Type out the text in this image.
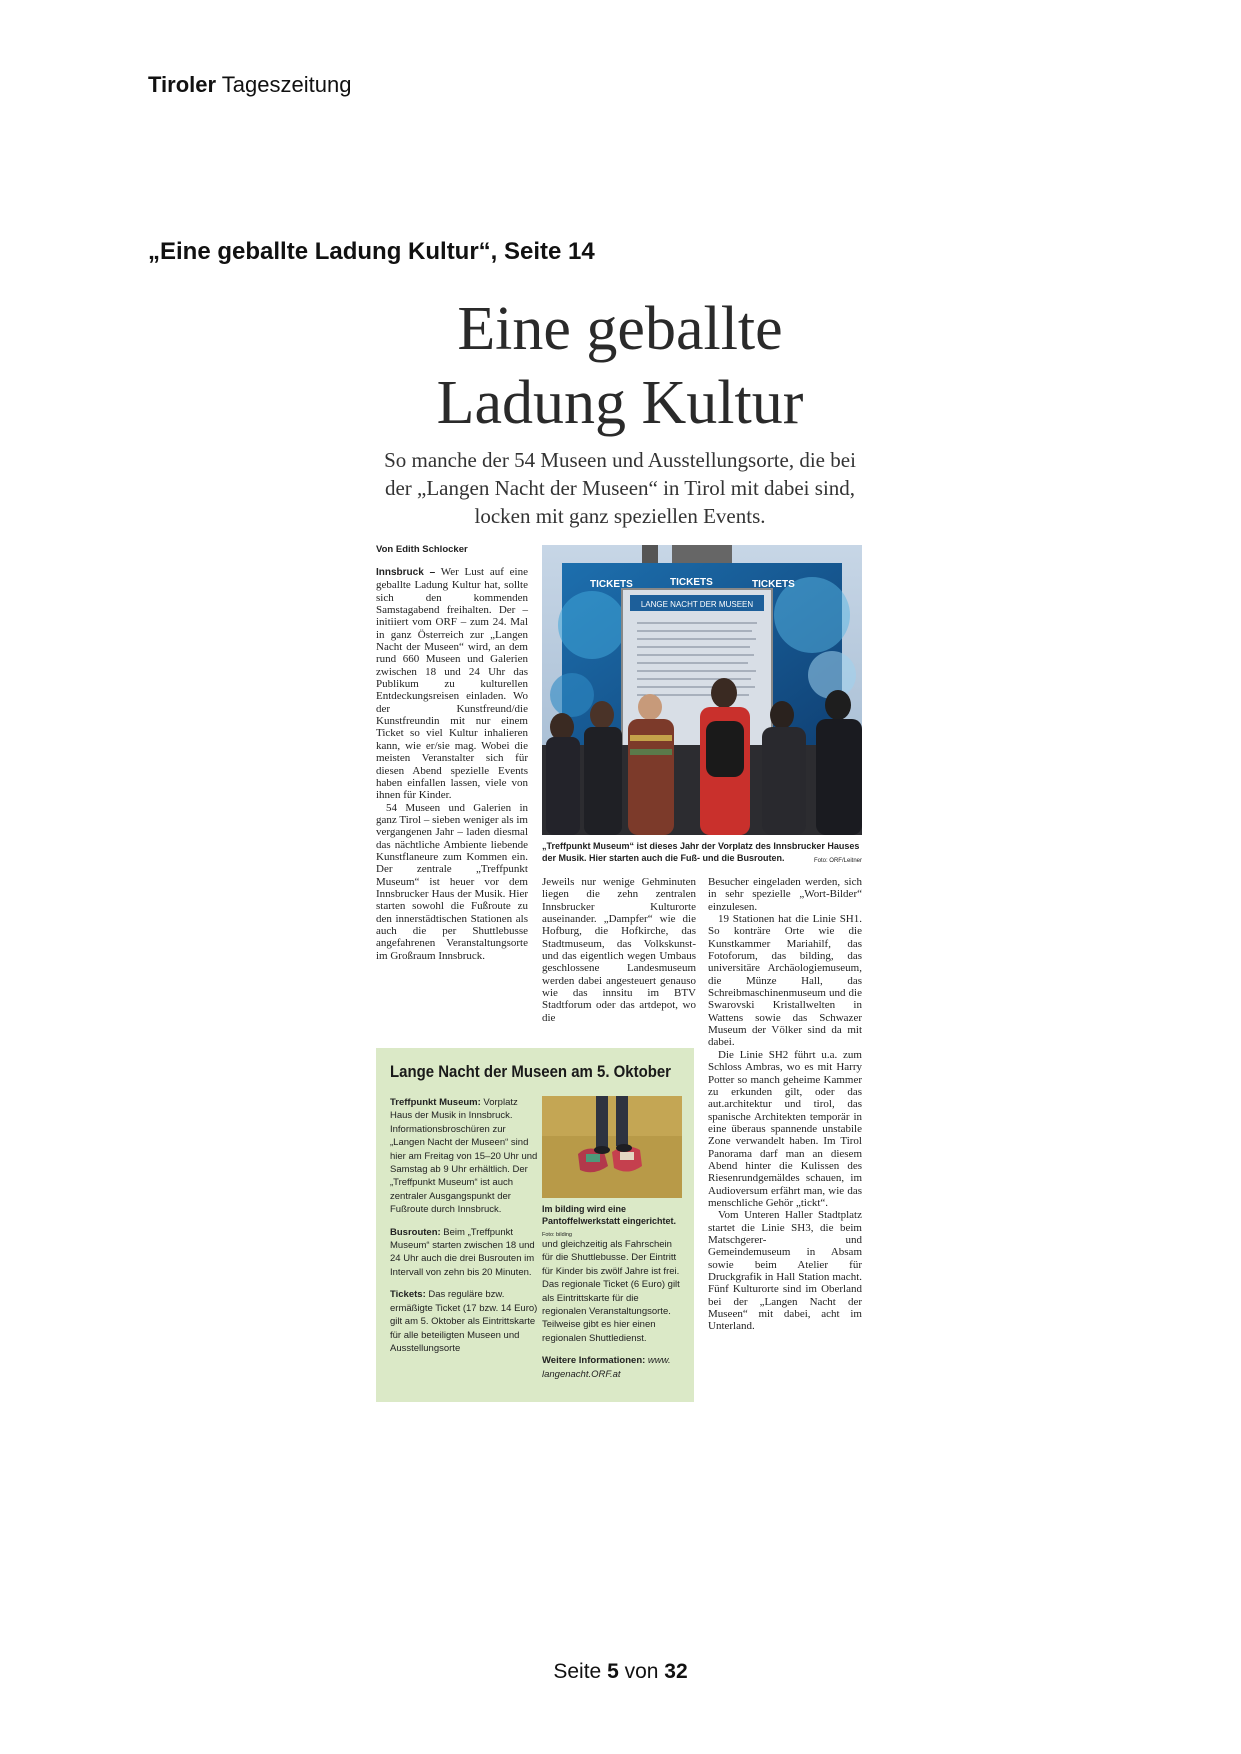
Tiroler Tageszeitung
„Eine geballte Ladung Kultur“, Seite 14
Eine geballte
Ladung Kultur
So manche der 54 Museen und Ausstellungsorte, die bei der „Langen Nacht der Museen“ in Tirol mit dabei sind, locken mit ganz speziellen Events.
Von Edith Schlocker

Innsbruck – Wer Lust auf eine geballte Ladung Kultur hat, sollte sich den kommenden Samstagabend freihalten. Der – initiiert vom ORF – zum 24. Mal in ganz Österreich zur „Langen Nacht der Museen“ wird, an dem rund 660 Museen und Galerien zwischen 18 und 24 Uhr das Publikum zu kulturellen Entdeckungsreisen einladen. Wo der Kunstfreund/die Kunstfreundin mit nur einem Ticket so viel Kultur inhalieren kann, wie er/sie mag. Wobei die meisten Veranstalter sich für diesen Abend spezielle Events haben einfallen lassen, viele von ihnen für Kinder.

54 Museen und Galerien in ganz Tirol – sieben weniger als im vergangenen Jahr – laden diesmal das nächtliche Ambiente liebende Kunstflaneure zum Kommen ein. Der zentrale „Treffpunkt Museum“ ist heuer vor dem Innsbrucker Haus der Musik. Hier starten sowohl die Fußroute zu den innerstädtischen Stationen als auch die per Shuttlebusse angefahrenen Veranstaltungsorte im Großraum Innsbruck.

LANGE NACHT DER MUSEEN
TICKETS	TICKETS	TICKETS
„Treffpunkt Museum“ ist dieses Jahr der Vorplatz des Innsbrucker Hauses der Musik. Hier starten auch die Fuß- und die Busrouten.	Foto: ORF/Leitner

Jeweils nur wenige Gehminuten liegen die zehn zentralen Innsbrucker Kulturorte auseinander. „Dampfer“ wie die Hofburg, die Hofkirche, das Stadtmuseum, das Volkskunst- und das eigentlich wegen Umbaus geschlossene Landesmuseum werden dabei angesteuert genauso wie das innsitu im BTV Stadtforum oder das artdepot, wo die

Besucher eingeladen werden, sich in sehr spezielle „Wort-Bilder“ einzulesen.

19 Stationen hat die Linie SH1. So konträre Orte wie die Kunstkammer Mariahilf, das Fotoforum, das bilding, das universitäre Archäologiemuseum, die Münze Hall, das Schreibmaschinenmuseum und die Swarovski Kristallwelten in Wattens sowie das Schwazer Museum der Völker sind da mit dabei.

Die Linie SH2 führt u.a. zum Schloss Ambras, wo es mit Harry Potter so manch geheime Kammer zu erkunden gilt, oder das aut.architektur und tirol, das spanische Architekten temporär in eine überaus spannende unstabile Zone verwandelt haben. Im Tirol Panorama darf man an diesem Abend hinter die Kulissen des Riesenrundgemäldes schauen, im Audioversum erfährt man, wie das menschliche Gehör „tickt“.

Vom Unteren Haller Stadtplatz startet die Linie SH3, die beim Matschgerer- und Gemeindemuseum in Absam sowie beim Atelier für Druckgrafik in Hall Station macht. Fünf Kulturorte sind im Oberland bei der „Langen Nacht der Museen“ mit dabei, acht im Unterland.

Lange Nacht der Museen am 5. Oktober

Treffpunkt Museum: Vorplatz Haus der Musik in Innsbruck. Informationsbroschüren zur „Langen Nacht der Museen“ sind hier am Freitag von 15–20 Uhr und Samstag ab 9 Uhr erhältlich. Der „Treffpunkt Museum“ ist auch zentraler Ausgangspunkt der Fußroute durch Innsbruck.

Busrouten: Beim „Treffpunkt Museum“ starten zwischen 18 und 24 Uhr auch die drei Busrouten im Intervall von zehn bis 20 Minuten.

Tickets: Das reguläre bzw. ermäßigte Ticket (17 bzw. 14 Euro) gilt am 5. Oktober als Eintrittskarte für alle beteiligten Museen und Ausstellungsorte

Im bilding wird eine Pantoffelwerkstatt eingerichtet. Foto: bilding

und gleichzeitig als Fahrschein für die Shuttlebusse. Der Eintritt für Kinder bis zwölf Jahre ist frei. Das regionale Ticket (6 Euro) gilt als Eintrittskarte für die regionalen Veranstaltungsorte. Teilweise gibt es hier einen regionalen Shuttledienst.

Weitere Informationen: www. langenacht.ORF.at

Seite 5 von 32
